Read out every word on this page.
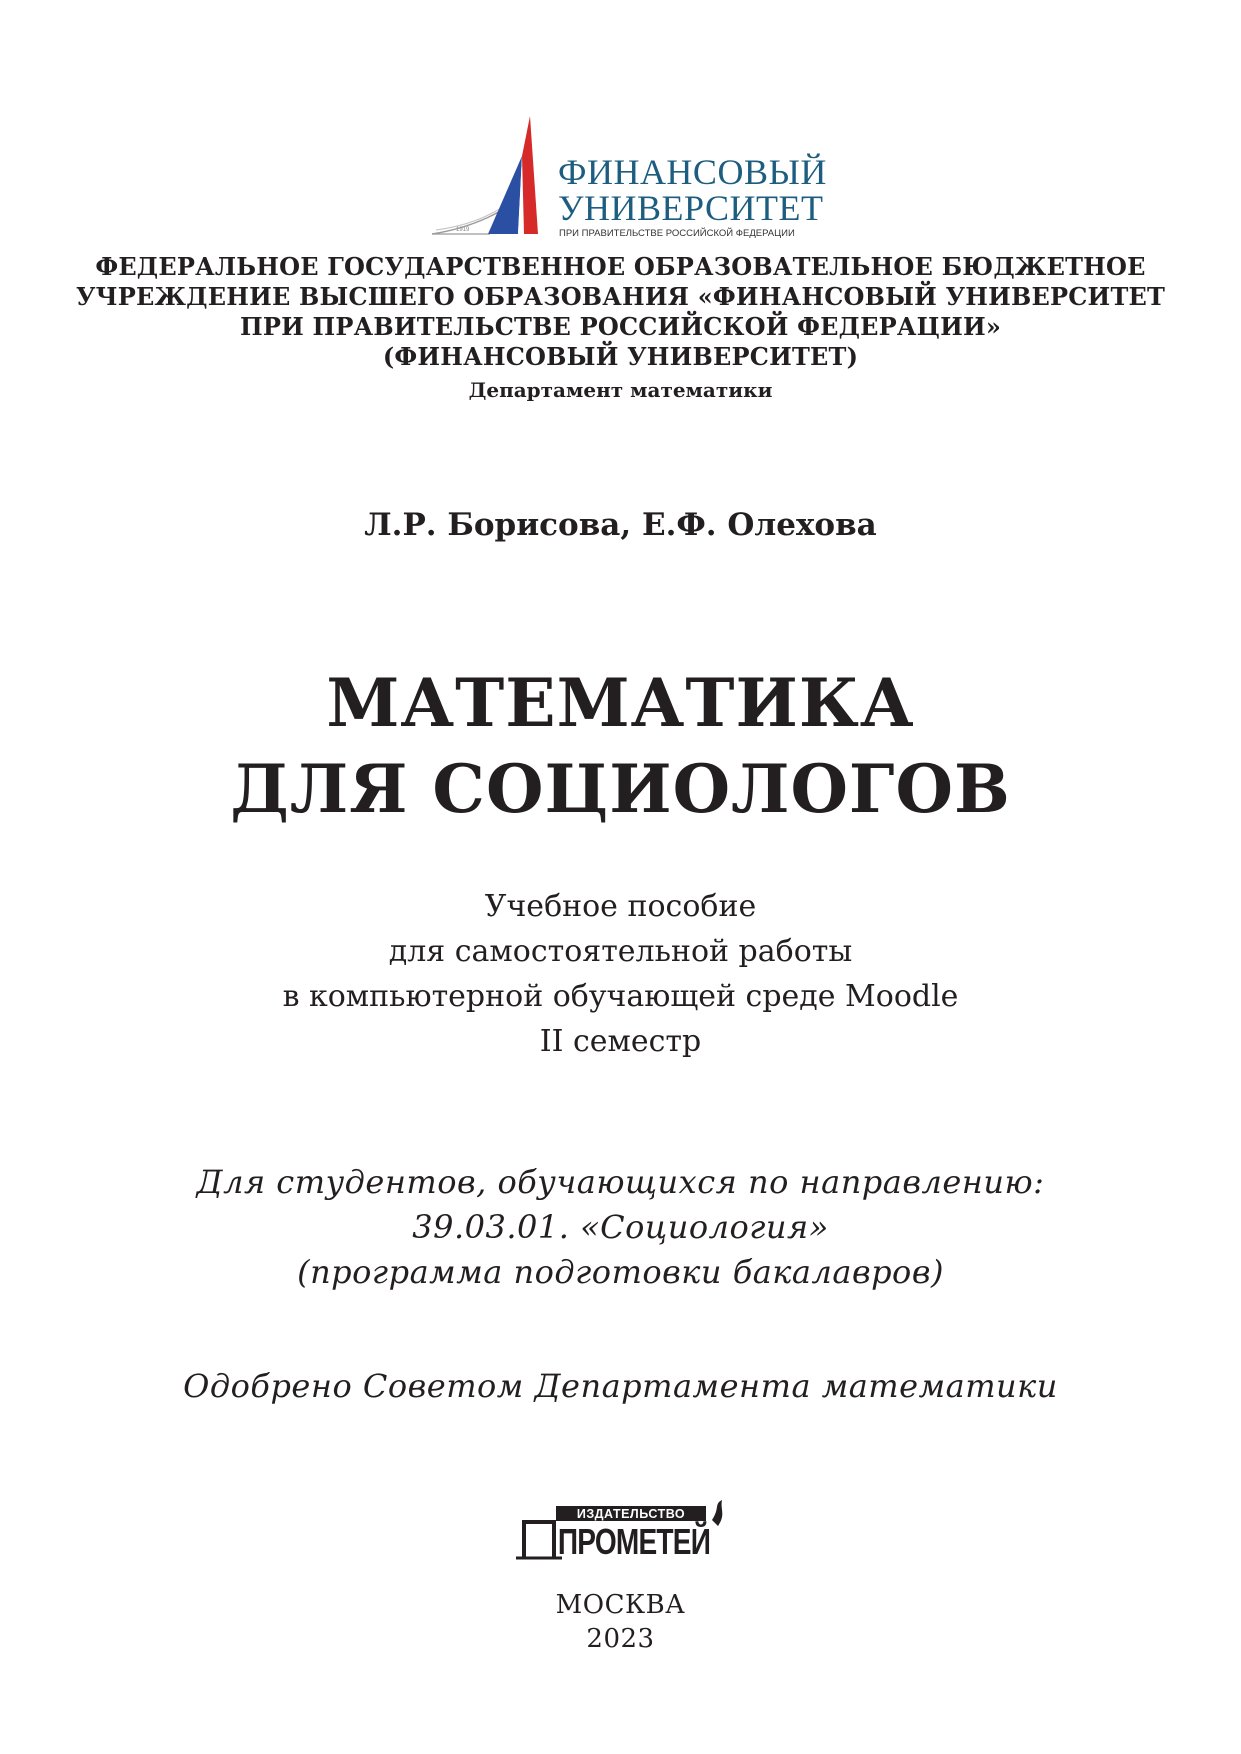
1919
ФИНАНСОВЫЙ
УНИВЕРСИТЕТ
ПРИ ПРАВИТЕЛЬСТВЕ РОССИЙСКОЙ ФЕДЕРАЦИИ
ФЕДЕРАЛЬНОЕ ГОСУДАРСТВЕННОЕ ОБРАЗОВАТЕЛЬНОЕ БЮДЖЕТНОЕ
УЧРЕЖДЕНИЕ ВЫСШЕГО ОБРАЗОВАНИЯ «ФИНАНСОВЫЙ УНИВЕРСИТЕТ
ПРИ ПРАВИТЕЛЬСТВЕ РОССИЙСКОЙ ФЕДЕРАЦИИ»
(ФИНАНСОВЫЙ УНИВЕРСИТЕТ)
Департамент математики
Л.Р. Борисова, Е.Ф. Олехова
МАТЕМАТИКА
ДЛЯ СОЦИОЛОГОВ
Учебное пособие
для самостоятельной работы
в компьютерной обучающей среде Moodle
II семестр
Для студентов, обучающихся по направлению:
39.03.01. «Социология»
(программа подготовки бакалавров)
Одобрено Советом Департамента математики
ИЗДАТЕЛЬСТВО
ПРОМЕТЕЙ
МОСКВА
2023
